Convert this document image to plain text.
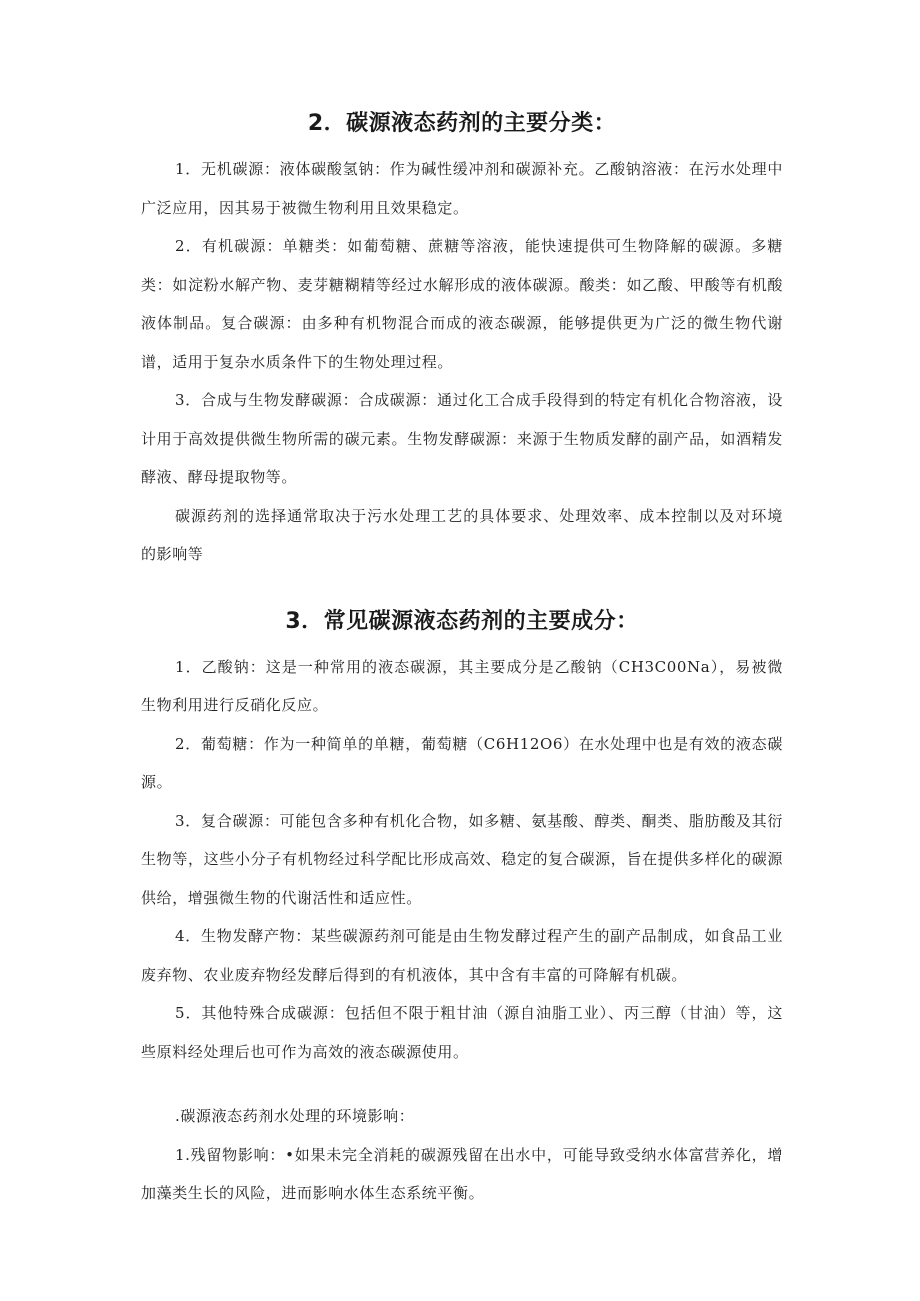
2．碳源液态药剂的主要分类：

1．无机碳源：液体碳酸氢钠：作为碱性缓冲剂和碳源补充。乙酸钠溶液：在污水处理中广泛应用，因其易于被微生物利用且效果稳定。

2．有机碳源：单糖类：如葡萄糖、蔗糖等溶液，能快速提供可生物降解的碳源。多糖类：如淀粉水解产物、麦芽糖糊精等经过水解形成的液体碳源。酸类：如乙酸、甲酸等有机酸液体制品。复合碳源：由多种有机物混合而成的液态碳源，能够提供更为广泛的微生物代谢谱，适用于复杂水质条件下的生物处理过程。

3．合成与生物发酵碳源：合成碳源：通过化工合成手段得到的特定有机化合物溶液，设计用于高效提供微生物所需的碳元素。生物发酵碳源：来源于生物质发酵的副产品，如酒精发酵液、酵母提取物等。

碳源药剂的选择通常取决于污水处理工艺的具体要求、处理效率、成本控制以及对环境的影响等

3．常见碳源液态药剂的主要成分：

1．乙酸钠：这是一种常用的液态碳源，其主要成分是乙酸钠（CH3C00Na），易被微生物利用进行反硝化反应。

2．葡萄糖：作为一种简单的单糖，葡萄糖（C6H12O6）在水处理中也是有效的液态碳源。

3．复合碳源：可能包含多种有机化合物，如多糖、氨基酸、醇类、酮类、脂肪酸及其衍生物等，这些小分子有机物经过科学配比形成高效、稳定的复合碳源，旨在提供多样化的碳源供给，增强微生物的代谢活性和适应性。

4．生物发酵产物：某些碳源药剂可能是由生物发酵过程产生的副产品制成，如食品工业废弃物、农业废弃物经发酵后得到的有机液体，其中含有丰富的可降解有机碳。

5．其他特殊合成碳源：包括但不限于粗甘油（源自油脂工业）、丙三醇（甘油）等，这些原料经处理后也可作为高效的液态碳源使用。

.碳源液态药剂水处理的环境影响：

1.残留物影响：•如果未完全消耗的碳源残留在出水中，可能导致受纳水体富营养化，增加藻类生长的风险，进而影响水体生态系统平衡。
